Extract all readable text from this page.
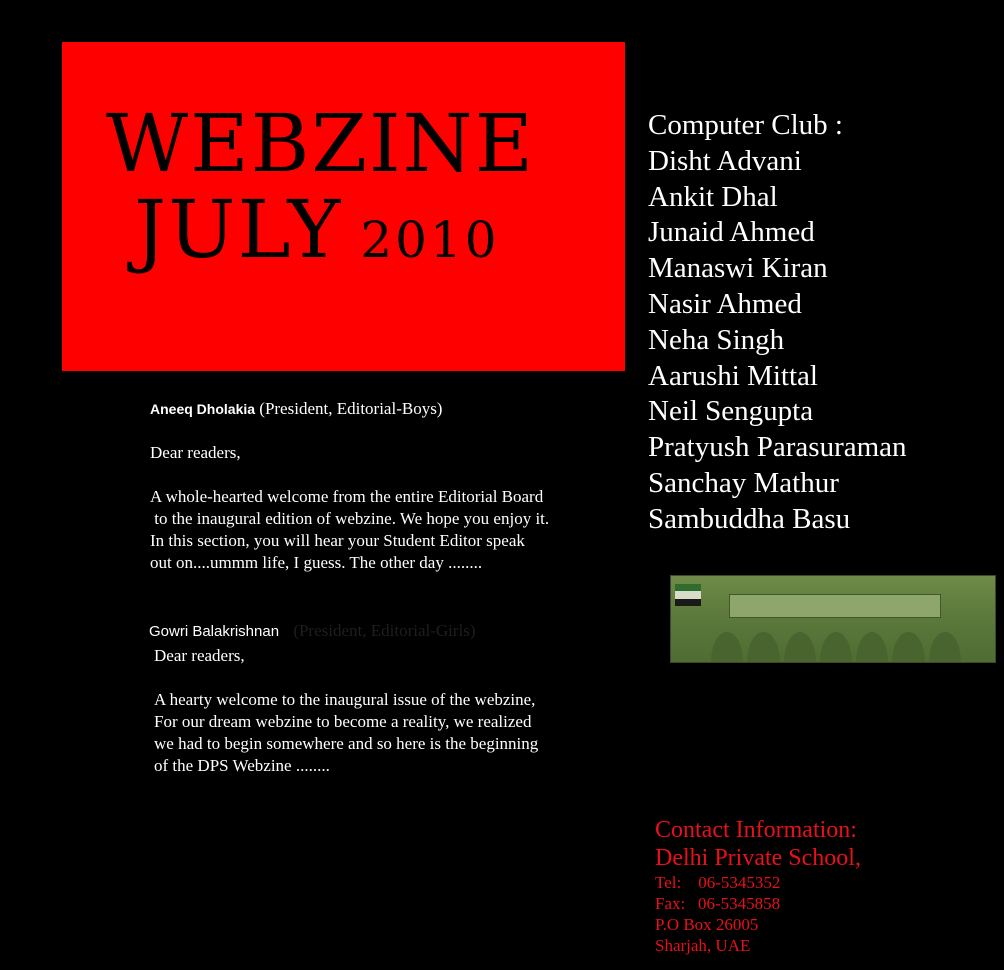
WEBZINE
JULY 2010
Computer Club :
Disht Advani
Ankit Dhal
Junaid Ahmed
Manaswi Kiran
Nasir Ahmed
Neha Singh
Aarushi Mittal
Neil Sengupta
Pratyush Parasuraman
Sanchay Mathur
Sambuddha Basu
Aneeq Dholakia (President, Editorial-Boys)
Dear readers,
A whole-hearted welcome from the entire Editorial Board
to the inaugural edition of webzine. We hope you enjoy it.
In this section, you will hear your Student Editor speak
out on....ummm life, I guess. The other day ........
Gowri Balakrishnan (President, Editorial-Girls)
Dear readers,
A hearty welcome to the inaugural issue of the webzine,
For our dream webzine to become a reality, we realized
we had to begin somewhere and so here is the beginning
of the DPS Webzine ........
Contact Information:
Delhi Private School,
Tel:    06-5345352
Fax:   06-5345858
P.O Box 26005
Sharjah, UAE
